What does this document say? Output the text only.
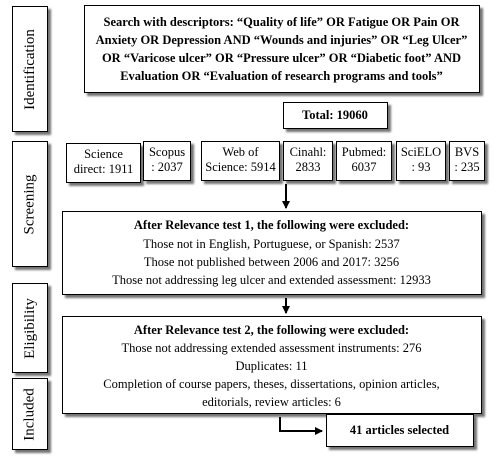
Identification
Screening
Eligibility
Included
Search with descriptors: “Quality of life” OR Fatigue OR Pain OR
Anxiety OR Depression AND “Wounds and injuries” OR “Leg Ulcer”
OR “Varicose ulcer” OR “Pressure ulcer” OR “Diabetic foot” AND
Evaluation OR “Evaluation of research programs and tools”
Total: 19060
Science
direct: 1911
Scopus
: 2037
Web of
Science: 5914
Cinahl:
2833
Pubmed:
6037
SciELO
: 93
BVS
: 235
After Relevance test 1, the following were excluded:
Those not in English, Portuguese, or Spanish: 2537
Those not published between 2006 and 2017: 3256
Those not addressing leg ulcer and extended assessment: 12933
After Relevance test 2, the following were excluded:
Those not addressing extended assessment instruments: 276
Duplicates: 11
Completion of course papers, theses, dissertations, opinion articles,
editorials, review articles: 6
41 articles selected
